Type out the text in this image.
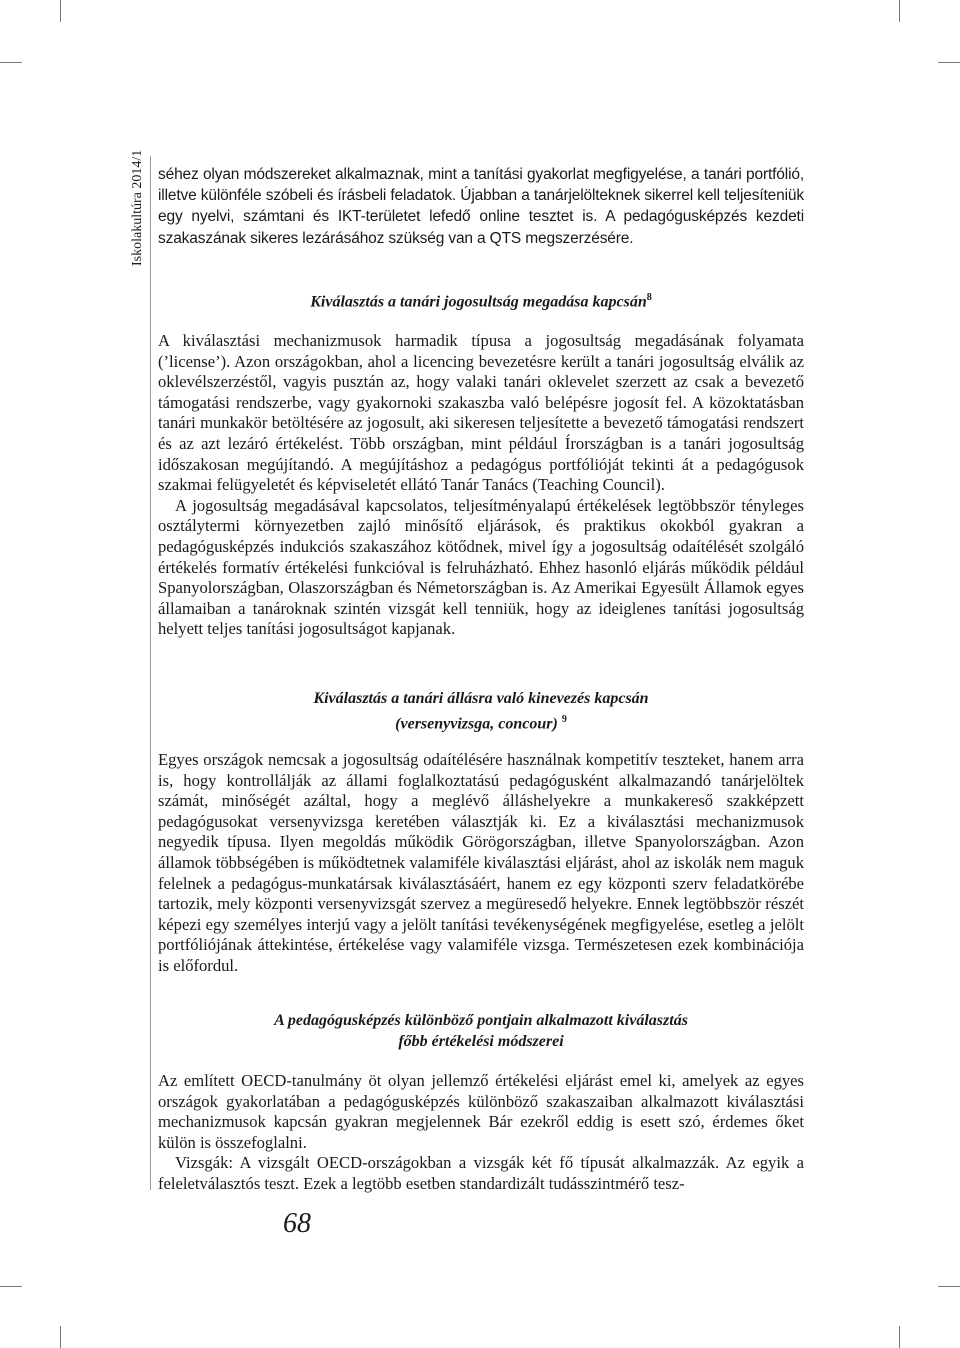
Iskolakultúra 2014/1 séhez olyan módszereket alkalmaznak, mint a tanítási gyakorlat megfigyelése, a tanári portfólió, illetve különféle szóbeli és írásbeli feladatok. Újabban a tanárjelölteknek sikerrel kell teljesíteniük egy nyelvi, számtani és IKT-területet lefedő online tesztet is. A pedagógusképzés kezdeti szakaszának sikeres lezárásához szükség van a QTS megszerzésére.

Kiválasztás a tanári jogosultság megadása kapcsán$^8$

A kiválasztási mechanizmusok harmadik típusa a jogosultság megadásának folyamata (’license’). Azon országokban, ahol a licencing bevezetésre került a tanári jogosultság elválik az oklevélszerzéstől, vagyis pusztán az, hogy valaki tanári oklevelet szerzett az csak a bevezető támogatási rendszerbe, vagy gyakornoki szakaszba való belépésre jogosít fel. A közoktatásban tanári munkakör betöltésére az jogosult, aki sikeresen teljesítette a bevezető támogatási rendszert és az azt lezáró értékelést. Több országban, mint például Írországban is a tanári jogosultság időszakosan megújítandó. A megújításhoz a pedagógus portfólióját tekinti át a pedagógusok szakmai felügyeletét és képviseletét ellátó Tanár Tanács (Teaching Council).

A jogosultság megadásával kapcsolatos, teljesítményalapú értékelések legtöbbször tényleges osztálytermi környezetben zajló minősítő eljárások, és praktikus okokból gyakran a pedagógusképzés indukciós szakaszához kötődnek, mivel így a jogosultság odaítélését szolgáló értékelés formatív értékelési funkcióval is felruházható. Ehhez hasonló eljárás működik például Spanyolországban, Olaszországban és Németországban is. Az Amerikai Egyesült Államok egyes államaiban a tanároknak szintén vizsgát kell tenniük, hogy az ideiglenes tanítási jogosultság helyett teljes tanítási jogosultságot kapjanak.

Kiválasztás a tanári állásra való kinevezés kapcsán

(versenyvizsga, concour) $^9$

Egyes országok nemcsak a jogosultság odaítélésére használnak kompetitív teszteket, hanem arra is, hogy kontrollálják az állami foglalkoztatású pedagógusként alkalmazandó tanárjelöltek számát, minőségét azáltal, hogy a meglévő álláshelyekre a munkakereső szakképzett pedagógusokat versenyvizsga keretében választják ki. Ez a kiválasztási mechanizmusok negyedik típusa. Ilyen megoldás működik Görögországban, illetve Spanyolországban. Azon államok többségében is működtetnek valamiféle kiválasztási eljárást, ahol az iskolák nem maguk felelnek a pedagógus-munkatársak kiválasztásáért, hanem ez egy központi szerv feladatkörébe tartozik, mely központi versenyvizsgát szervez a megüresedő helyekre. Ennek legtöbbször részét képezi egy személyes interjú vagy a jelölt tanítási tevékenységének megfigyelése, esetleg a jelölt portfóliójának áttekintése, értékelése vagy valamiféle vizsga. Természetesen ezek kombinációja is előfordul.

A pedagógusképzés különböző pontjain alkalmazott kiválasztás

főbb értékelési módszerei

Az említett OECD-tanulmány öt olyan jellemző értékelési eljárást emel ki, amelyek az egyes országok gyakorlatában a pedagógusképzés különböző szakaszaiban alkalmazott kiválasztási mechanizmusok kapcsán gyakran megjelennek Bár ezekről eddig is esett szó, érdemes őket külön is összefoglalni.

Vizsgák: A vizsgált OECD-országokban a vizsgák két fő típusát alkalmazzák. Az egyik a feleletválasztós teszt. Ezek a legtöbb esetben standardizált tudásszintmérő tesz-

68
